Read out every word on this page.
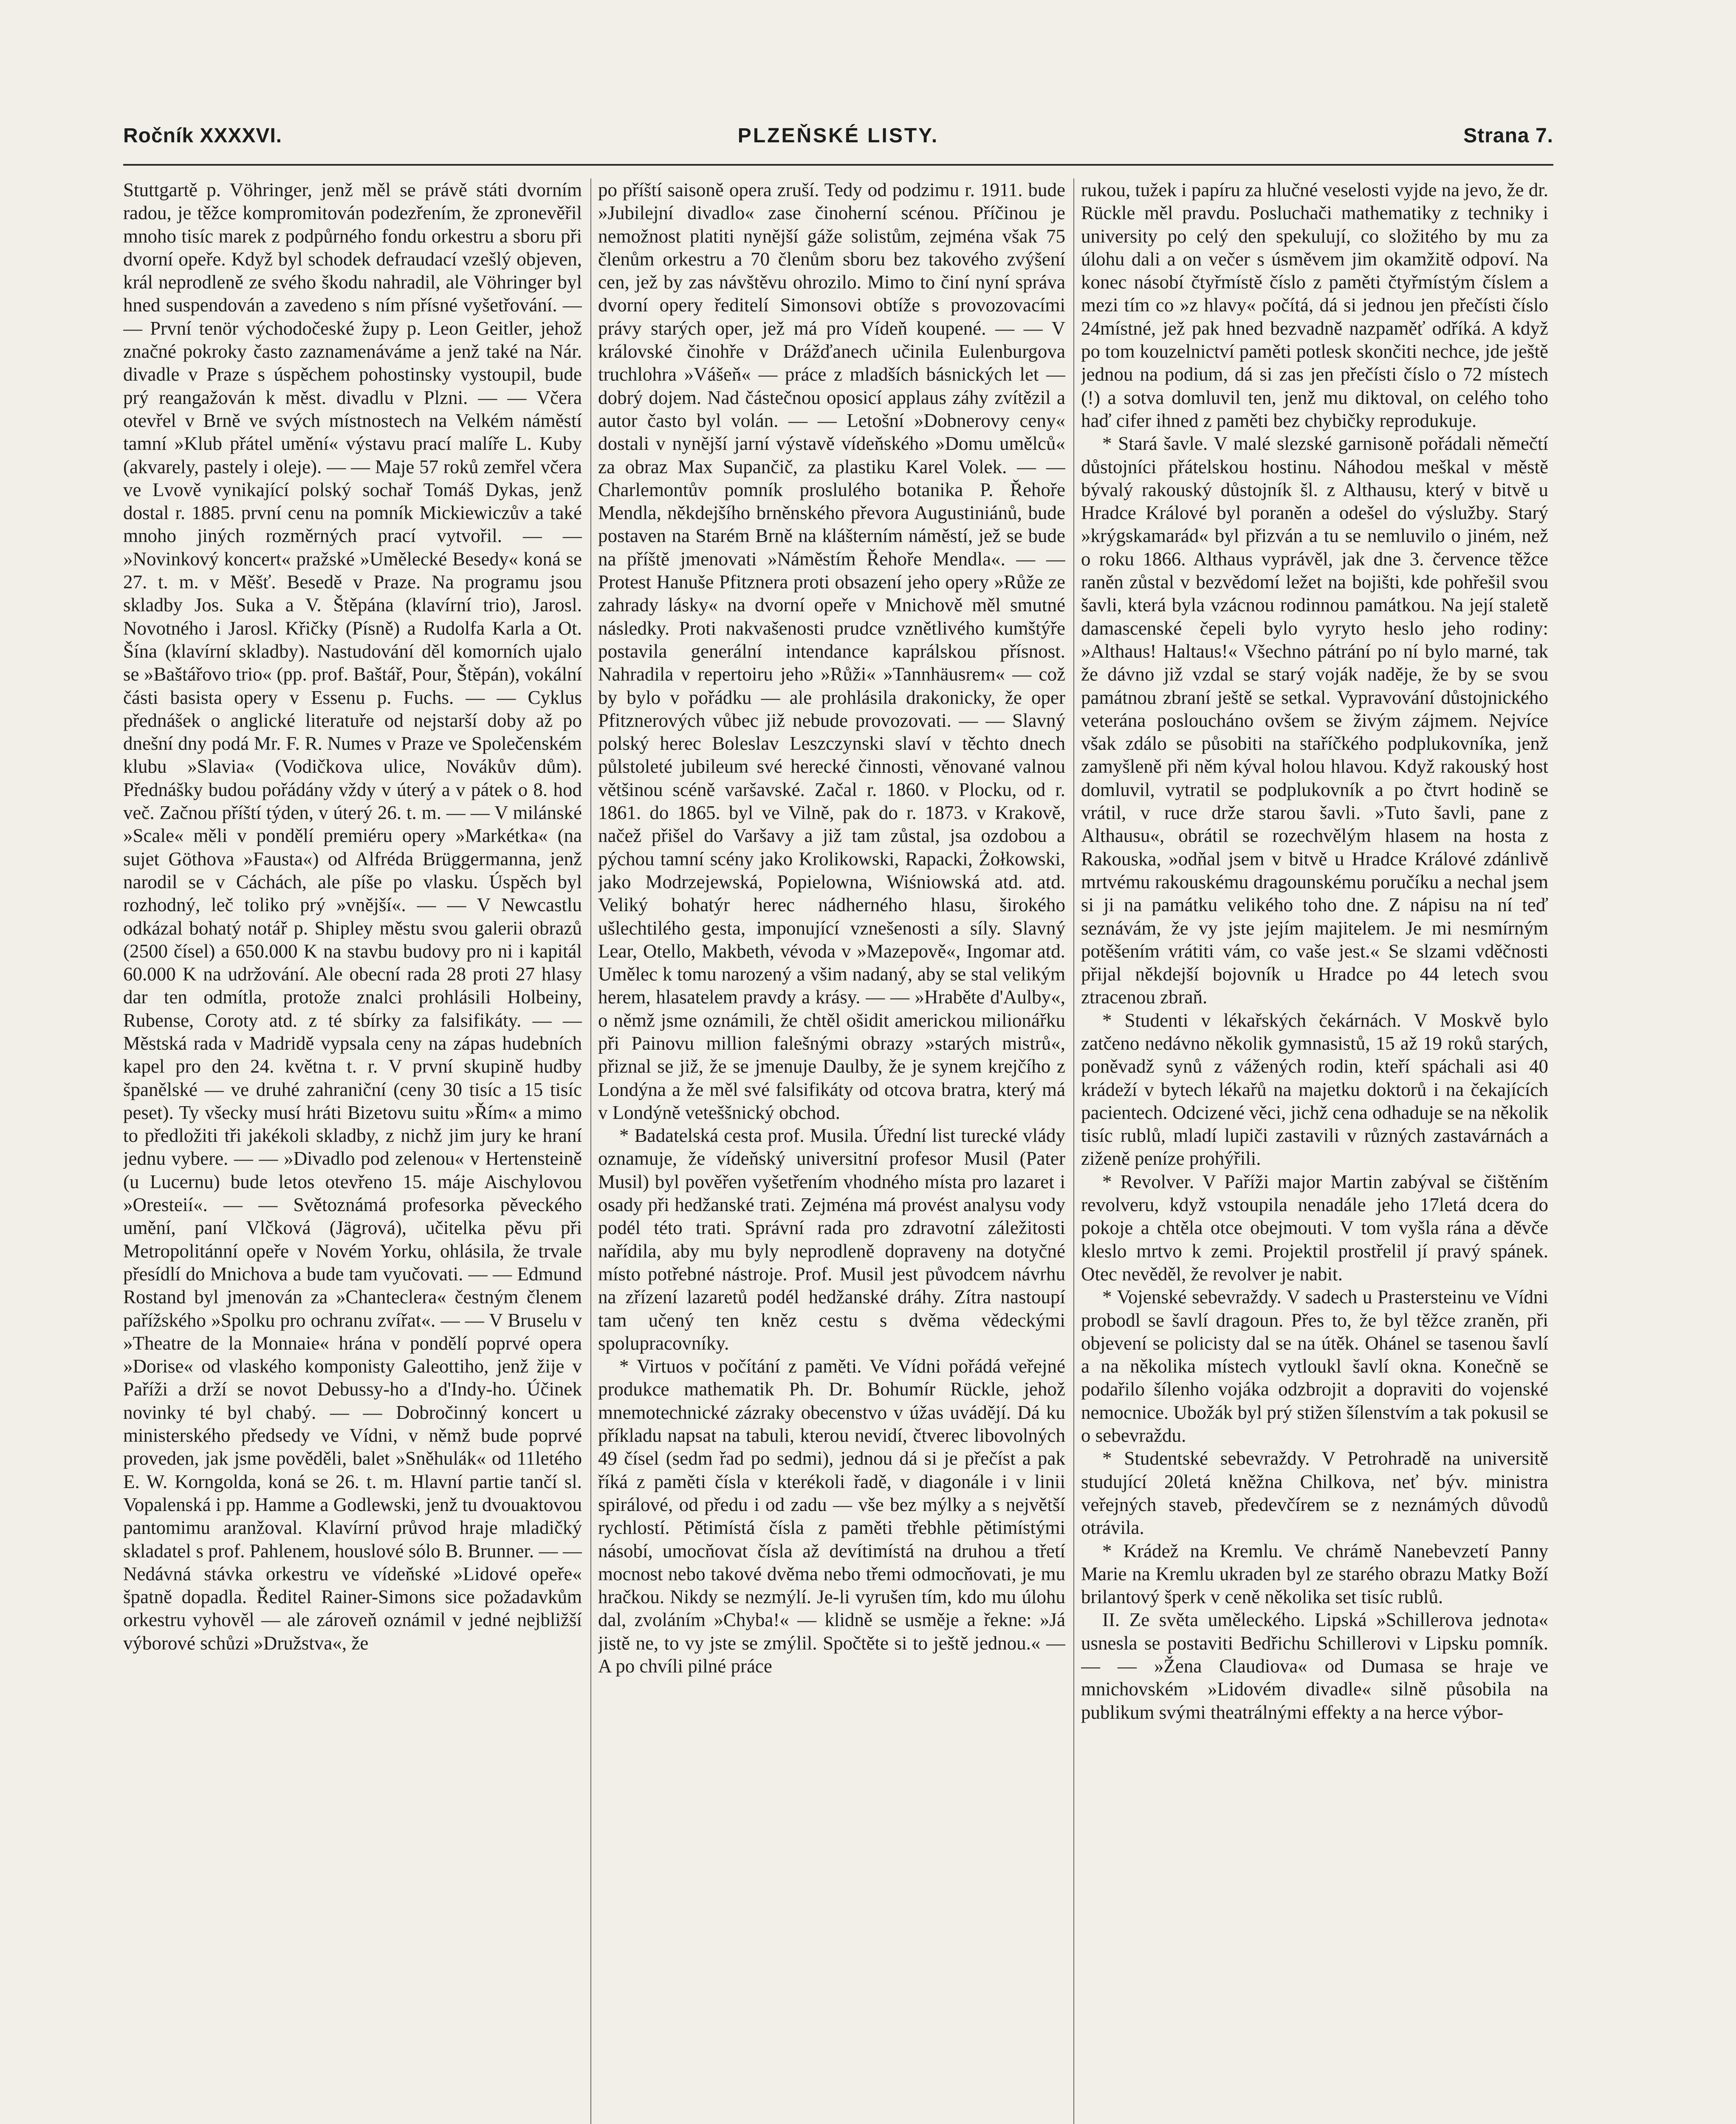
Ročník XXXXVI.	PLZEŇSKÉ LISTY.	Strana 7.

Stuttgartě p. Vöhringer, jenž měl se právě státi dvorním radou, je těžce kompromitován podezřením, že zpronevěřil mnoho tisíc marek z podpůrného fondu orkestru a sboru při dvorní opeře. Když byl schodek defraudací vzešlý objeven, král neprodleně ze svého škodu nahradil, ale Vöhringer byl hned suspendován a zavedeno s ním přísné vyšetřování. — — První tenör východočeské župy p. Leon Geitler, jehož značné pokroky často zaznamenáváme a jenž také na Nár. divadle v Praze s úspěchem pohostinsky vystoupil, bude prý reangažován k měst. divadlu v Plzni. — — Včera otevřel v Brně ve svých místnostech na Velkém náměstí tamní »Klub přátel umění« výstavu prací malíře L. Kuby (akvarely, pastely i oleje). — — Maje 57 roků zemřel včera ve Lvově vynikající polský sochař Tomáš Dykas, jenž dostal r. 1885. první cenu na pomník Mickiewiczův a také mnoho jiných rozměrných prací vytvořil. — — »Novinkový koncert« pražské »Umělecké Besedy« koná se 27. t. m. v Měšť. Besedě v Praze. Na programu jsou skladby Jos. Suka a V. Štěpána (klavírní trio), Jarosl. Novotného i Jarosl. Křičky (Písně) a Rudolfa Karla a Ot. Šína (klavírní skladby). Nastudování děl komorních ujalo se »Baštářovo trio« (pp. prof. Baštář, Pour, Štěpán), vokální části basista opery v Essenu p. Fuchs. — — Cyklus přednášek o anglické literatuře od nejstarší doby až po dnešní dny podá Mr. F. R. Numes v Praze ve Společenském klubu »Slavia« (Vodičkova ulice, Novákův dům). Přednášky budou pořádány vždy v úterý a v pátek o 8. hod več. Začnou příští týden, v úterý 26. t. m. — — V milánské »Scale« měli v pondělí premiéru opery »Markétka« (na sujet Göthova »Fausta«) od Alfréda Brüggermanna, jenž narodil se v Cáchách, ale píše po vlasku. Úspěch byl rozhodný, leč toliko prý »vnější«. — — V Newcastlu odkázal bohatý notář p. Shipley městu svou galerii obrazů (2500 čísel) a 650.000 K na stavbu budovy pro ni i kapitál 60.000 K na udržování. Ale obecní rada 28 proti 27 hlasy dar ten odmítla, protože znalci prohlásili Holbeiny, Rubense, Coroty atd. z té sbírky za falsifikáty. — — Městská rada v Madridě vypsala ceny na zápas hudebních kapel pro den 24. května t. r. V první skupině hudby španělské — ve druhé zahraniční (ceny 30 tisíc a 15 tisíc peset). Ty všecky musí hráti Bizetovu suitu »Řím« a mimo to předložiti tři jakékoli skladby, z nichž jim jury ke hraní jednu vybere. — — »Divadlo pod zelenou« v Hertensteině (u Lucernu) bude letos otevřeno 15. máje Aischylovou »Oresteií«. — — Světoznámá profesorka pěveckého umění, paní Vlčková (Jägrová), učitelka pěvu při Metropolitánní opeře v Novém Yorku, ohlásila, že trvale přesídlí do Mnichova a bude tam vyučovati. — — Edmund Rostand byl jmenován za »Chanteclera« čestným členem pařížského »Spolku pro ochranu zvířat«. — — V Bruselu v »Theatre de la Monnaie« hrána v pondělí poprvé opera »Dorise« od vlaského komponisty Galeottiho, jenž žije v Paříži a drží se novot Debussy-ho a d'Indy-ho. Účinek novinky té byl chabý. — — Dobročinný koncert u ministerského předsedy ve Vídni, v němž bude poprvé proveden, jak jsme pověděli, balet »Sněhulák« od 11letého E. W. Korngolda, koná se 26. t. m. Hlavní partie tančí sl. Vopalenská i pp. Hamme a Godlewski, jenž tu dvouaktovou pantomimu aranžoval. Klavírní průvod hraje mladičký skladatel s prof. Pahlenem, houslové sólo B. Brunner. — — Nedávná stávka orkestru ve vídeňské »Lidové opeře« špatně dopadla. Ředitel Rainer-Simons sice požadavkům orkestru vyhověl — ale zároveň oznámil v jedné nejbližší výborové schůzi »Družstva«, že

po příští saisoně opera zruší. Tedy od podzimu r. 1911. bude »Jubilejní divadlo« zase činoherní scénou. Příčinou je nemožnost platiti nynější gáže solistům, zejména však 75 členům orkestru a 70 členům sboru bez takového zvýšení cen, jež by zas návštěvu ohrozilo. Mimo to činí nyní správa dvorní opery ředitelí Simonsovi obtíže s provozovacími právy starých oper, jež má pro Vídeň koupené. — — V královské činohře v Drážďanech učinila Eulenburgova truchlohra »Vášeň« — práce z mladších básnických let — dobrý dojem. Nad částečnou oposicí applaus záhy zvítězil a autor často byl volán. — — Letošní »Dobnerovy ceny« dostali v nynější jarní výstavě vídeňského »Domu umělců« za obraz Max Supančič, za plastiku Karel Volek. — — Charlemontův pomník proslulého botanika P. Řehoře Mendla, někdejšího brněnského převora Augustiniánů, bude postaven na Starém Brně na klášterním náměstí, jež se bude na příště jmenovati »Náměstím Řehoře Mendla«. — — Protest Hanuše Pfitznera proti obsazení jeho opery »Růže ze zahrady lásky« na dvorní opeře v Mnichově měl smutné následky. Proti nakvašenosti prudce vznětlivého kumštýře postavila generální intendance kaprálskou přísnost. Nahradila v repertoiru jeho »Růži« »Tannhäusrem« — což by bylo v pořádku — ale prohlásila drakonicky, že oper Pfitznerových vůbec již nebude provozovati. — — Slavný polský herec Boleslav Leszczynski slaví v těchto dnech půlstoleté jubileum své herecké činnosti, věnované valnou většinou scéně varšavské. Začal r. 1860. v Plocku, od r. 1861. do 1865. byl ve Vilně, pak do r. 1873. v Krakově, načež přišel do Varšavy a již tam zůstal, jsa ozdobou a pýchou tamní scény jako Krolikowski, Rapacki, Żołkowski, jako Modrzejewská, Popielowna, Wiśniowská atd. atd. Veliký bohatýr herec nádherného hlasu, širokého ušlechtilého gesta, imponující vznešenosti a síly. Slavný Lear, Otello, Makbeth, vévoda v »Mazepově«, Ingomar atd. Umělec k tomu narozený a všim nadaný, aby se stal velikým herem, hlasatelem pravdy a krásy. — — »Hraběte d'Aulby«, o němž jsme oznámili, že chtěl ošidit americkou milionářku při Painovu million falešnými obrazy »starých mistrů«, přiznal se již, že se jmenuje Daulby, že je synem krejčího z Londýna a že měl své falsifikáty od otcova bratra, který má v Londýně veteššnický obchod.

* Badatelská cesta prof. Musila. Úřední list turecké vlády oznamuje, že vídeňský universitní profesor Musil (Pater Musil) byl pověřen vyšetřením vhodného místa pro lazaret i osady při hedžanské trati. Zejména má provést analysu vody podél této trati. Správní rada pro zdravotní záležitosti nařídila, aby mu byly neprodleně dopraveny na dotyčné místo potřebné nástroje. Prof. Musil jest původcem návrhu na zřízení lazaretů podél hedžanské dráhy. Zítra nastoupí tam učený ten kněz cestu s dvěma vědeckými spolupracovníky.

* Virtuos v počítání z paměti. Ve Vídni pořádá veřejné produkce mathematik Ph. Dr. Bohumír Rückle, jehož mnemotechnické zázraky obecenstvo v úžas uvádějí. Dá ku příkladu napsat na tabuli, kterou nevidí, čtverec libovolných 49 čísel (sedm řad po sedmi), jednou dá si je přečíst a pak říká z paměti čísla v kterékoli řadě, v diagonále i v linii spirálové, od předu i od zadu — vše bez mýlky a s největší rychlostí. Pětimístá čísla z paměti třebhle pětimístými násobí, umocňovat čísla až devítimístá na druhou a třetí mocnost nebo takové dvěma nebo třemi odmocňovati, je mu hračkou. Nikdy se nezmýlí. Je-li vyrušen tím, kdo mu úlohu dal, zvoláním »Chyba!« — klidně se usměje a řekne: »Já jistě ne, to vy jste se zmýlil. Spočtěte si to ještě jednou.« — A po chvíli pilné práce

rukou, tužek i papíru za hlučné veselosti vyjde na jevo, že dr. Rückle měl pravdu. Posluchači mathematiky z techniky i university po celý den spekulují, co složitého by mu za úlohu dali a on večer s úsměvem jim okamžitě odpoví. Na konec násobí čtyřmístě číslo z paměti čtyřmístým číslem a mezi tím co »z hlavy« počítá, dá si jednou jen přečísti číslo 24místné, jež pak hned bezvadně nazpaměť odříká. A když po tom kouzelnictví paměti potlesk skončiti nechce, jde ještě jednou na podium, dá si zas jen přečísti číslo o 72 místech (!) a sotva domluvil ten, jenž mu diktoval, on celého toho haď cifer ihned z paměti bez chybičky reprodukuje.

* Stará šavle. V malé slezské garnisoně pořádali němečtí důstojníci přátelskou hostinu. Náhodou meškal v městě bývalý rakouský důstojník šl. z Althausu, který v bitvě u Hradce Králové byl poraněn a odešel do výslužby. Starý »krýgskamarád« byl přizván a tu se nemluvilo o jiném, než o roku 1866. Althaus vyprávěl, jak dne 3. července těžce raněn zůstal v bezvědomí ležet na bojišti, kde pohřešil svou šavli, která byla vzácnou rodinnou památkou. Na její staletě damascenské čepeli bylo vyryto heslo jeho rodiny: »Althaus! Haltaus!« Všechno pátrání po ní bylo marné, tak že dávno již vzdal se starý voják naděje, že by se svou památnou zbraní ještě se setkal. Vypravování důstojnického veterána posloucháno ovšem se živým zájmem. Nejvíce však zdálo se působiti na staříčkého podplukovníka, jenž zamyšleně při něm kýval holou hlavou. Když rakouský host domluvil, vytratil se podplukovník a po čtvrt hodině se vrátil, v ruce drže starou šavli. »Tuto šavli, pane z Althausu«, obrátil se rozechvělým hlasem na hosta z Rakouska, »odňal jsem v bitvě u Hradce Králové zdánlivě mrtvému rakouskému dragounskému poručíku a nechal jsem si ji na památku velikého toho dne. Z nápisu na ní teď seznávám, že vy jste jejím majitelem. Je mi nesmírným potěšením vrátiti vám, co vaše jest.« Se slzami vděčnosti přijal někdejší bojovník u Hradce po 44 letech svou ztracenou zbraň.

* Studenti v lékařských čekárnách. V Moskvě bylo zatčeno nedávno několik gymnasistů, 15 až 19 roků starých, poněvadž synů z vážených rodin, kteří spáchali asi 40 krádeží v bytech lékařů na majetku doktorů i na čekajících pacientech. Odcizené věci, jichž cena odhaduje se na několik tisíc rublů, mladí lupiči zastavili v různých zastavárnách a ziženě peníze prohýřili.

* Revolver. V Paříži major Martin zabýval se čištěním revolveru, když vstoupila nenadále jeho 17letá dcera do pokoje a chtěla otce obejmouti. V tom vyšla rána a děvče kleslo mrtvo k zemi. Projektil prostřelil jí pravý spánek. Otec nevěděl, že revolver je nabit.

* Vojenské sebevraždy. V sadech u Prastersteinu ve Vídni probodl se šavlí dragoun. Přes to, že byl těžce zraněn, při objevení se policisty dal se na útěk. Ohánel se tasenou šavlí a na několika místech vytloukl šavlí okna. Konečně se podařilo šílenho vojáka odzbrojit a dopraviti do vojenské nemocnice. Ubožák byl prý stižen šílenstvím a tak pokusil se o sebevraždu.

* Studentské sebevraždy. V Petrohradě na universitě studující 20letá kněžna Chilkova, neť býv. ministra veřejných staveb, předevčírem se z neznámých důvodů otrávila.

* Krádež na Kremlu. Ve chrámě Nanebevzetí Panny Marie na Kremlu ukraden byl ze starého obrazu Matky Boží brilantový šperk v ceně několika set tisíc rublů.

II. Ze světa uměleckého. Lipská »Schillerova jednota« usnesla se postaviti Bedřichu Schillerovi v Lipsku pomník. — — »Žena Claudiova« od Dumasa se hraje ve mnichovském »Lidovém divadle« silně působila na publikum svými theatrálnými effekty a na herce výbor-
